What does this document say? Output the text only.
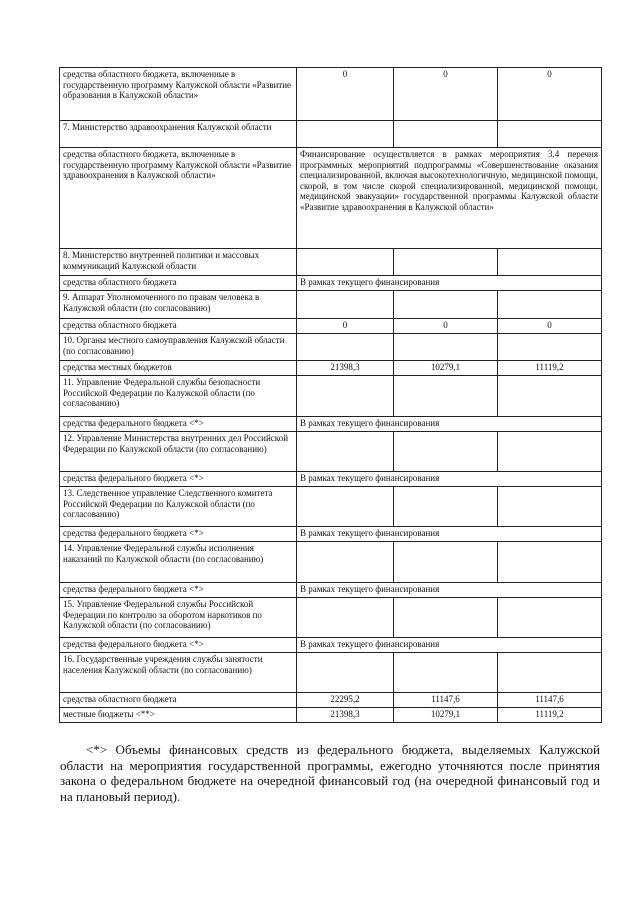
средства областного бюджета, включенные в государственную программу Калужской области «Развитие образования в Калужской области»	0	0	0
7. Министерство здравоохранения Калужской области			
средства областного бюджета, включенные в государственную программу Калужской области «Развитие здравоохранения в Калужской области»	Финансирование осуществляется в рамках мероприятия 3.4 перечня программных мероприятий подпрограммы «Совершенствование оказания специализированной, включая высокотехнологичную, медицинской помощи, скорой, в том числе скорой специализированной, медицинской помощи, медицинской эвакуации» государственной программы Калужской области «Развитие здравоохранения в Калужской области»		
8. Министерство внутренней политики и массовых коммуникаций Калужской области			
средства областного бюджета	В рамках текущего финансирования		
9. Аппарат Уполномоченного по правам человека в Калужской области (по согласованию)			
средства областного бюджета	0	0	0
10. Органы местного самоуправления Калужской области (по согласованию)			
средства местных бюджетов	21398,3	10279,1	11119,2
11. Управление Федеральной службы безопасности Российской Федерации по Калужской области (по согласованию)			
средства федерального бюджета <*>	В рамках текущего финансирования		
12. Управление Министерства внутренних дел Российской Федерации по Калужской области (по согласованию)			
средства федерального бюджета <*>	В рамках текущего финансирования		
13. Следственное управление Следственного комитета Российской Федерации по Калужской области (по согласованию)			
средства федерального бюджета <*>	В рамках текущего финансирования		
14. Управление Федеральной службы исполнения наказаний по Калужской области (по согласованию)			
средства федерального бюджета <*>	В рамках текущего финансирования		
15. Управление Федеральной службы Российской Федерации по контролю за оборотом наркотиков по Калужской области (по согласованию)			
средства федерального бюджета <*>	В рамках текущего финансирования		
16. Государственные учреждения службы занятости населения Калужской области (по согласованию)			
средства областного бюджета	22295,2	11147,6	11147,6
местные бюджеты <**>	21398,3	10279,1	11119,2
<*> Объемы финансовых средств из федерального бюджета, выделяемых Калужской области на мероприятия государственной программы, ежегодно уточняются после принятия закона о федеральном бюджете на очередной финансовый год (на очередной финансовый год и на плановый период).
